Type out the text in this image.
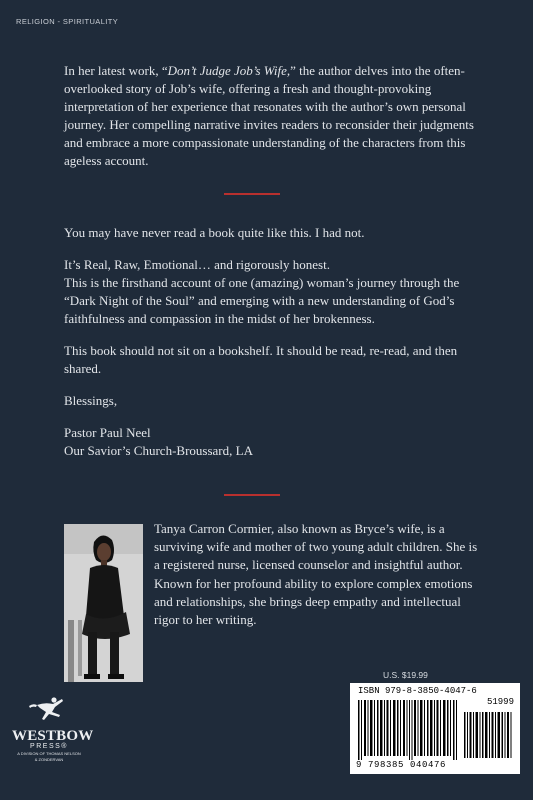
RELIGION - SPIRITUALITY

In her latest work, “Don’t Judge Job’s Wife,” the author delves into the often-overlooked story of Job’s wife, offering a fresh and thought-provoking interpretation of her experience that resonates with the author’s own personal journey. Her compelling narrative invites readers to reconsider their judgments and embrace a more compassionate understanding of the characters from this ageless account.

You may have never read a book quite like this. I had not.

It’s Real, Raw, Emotional… and rigorously honest.

This is the firsthand account of one (amazing) woman’s journey through the “Dark Night of the Soul” and emerging with a new understanding of God’s faithfulness and compassion in the midst of her brokenness.

This book should not sit on a bookshelf. It should be read, re-read, and then shared.

Blessings,

Pastor Paul Neel

Our Savior’s Church-Broussard, LA

Tanya Carron Cormier, also known as Bryce’s wife, is a surviving wife and mother of two young adult children. She is a registered nurse, licensed counselor and insightful author. Known for her profound ability to explore complex emotions and relationships, she brings deep empathy and intellectual rigor to her writing.

U.S. $19.99
ISBN 979-8-3850-4047-6
51999
9 798385 040476
WESTBOW
PRESS®
A DIVISION OF THOMAS NELSON
& ZONDERVAN
